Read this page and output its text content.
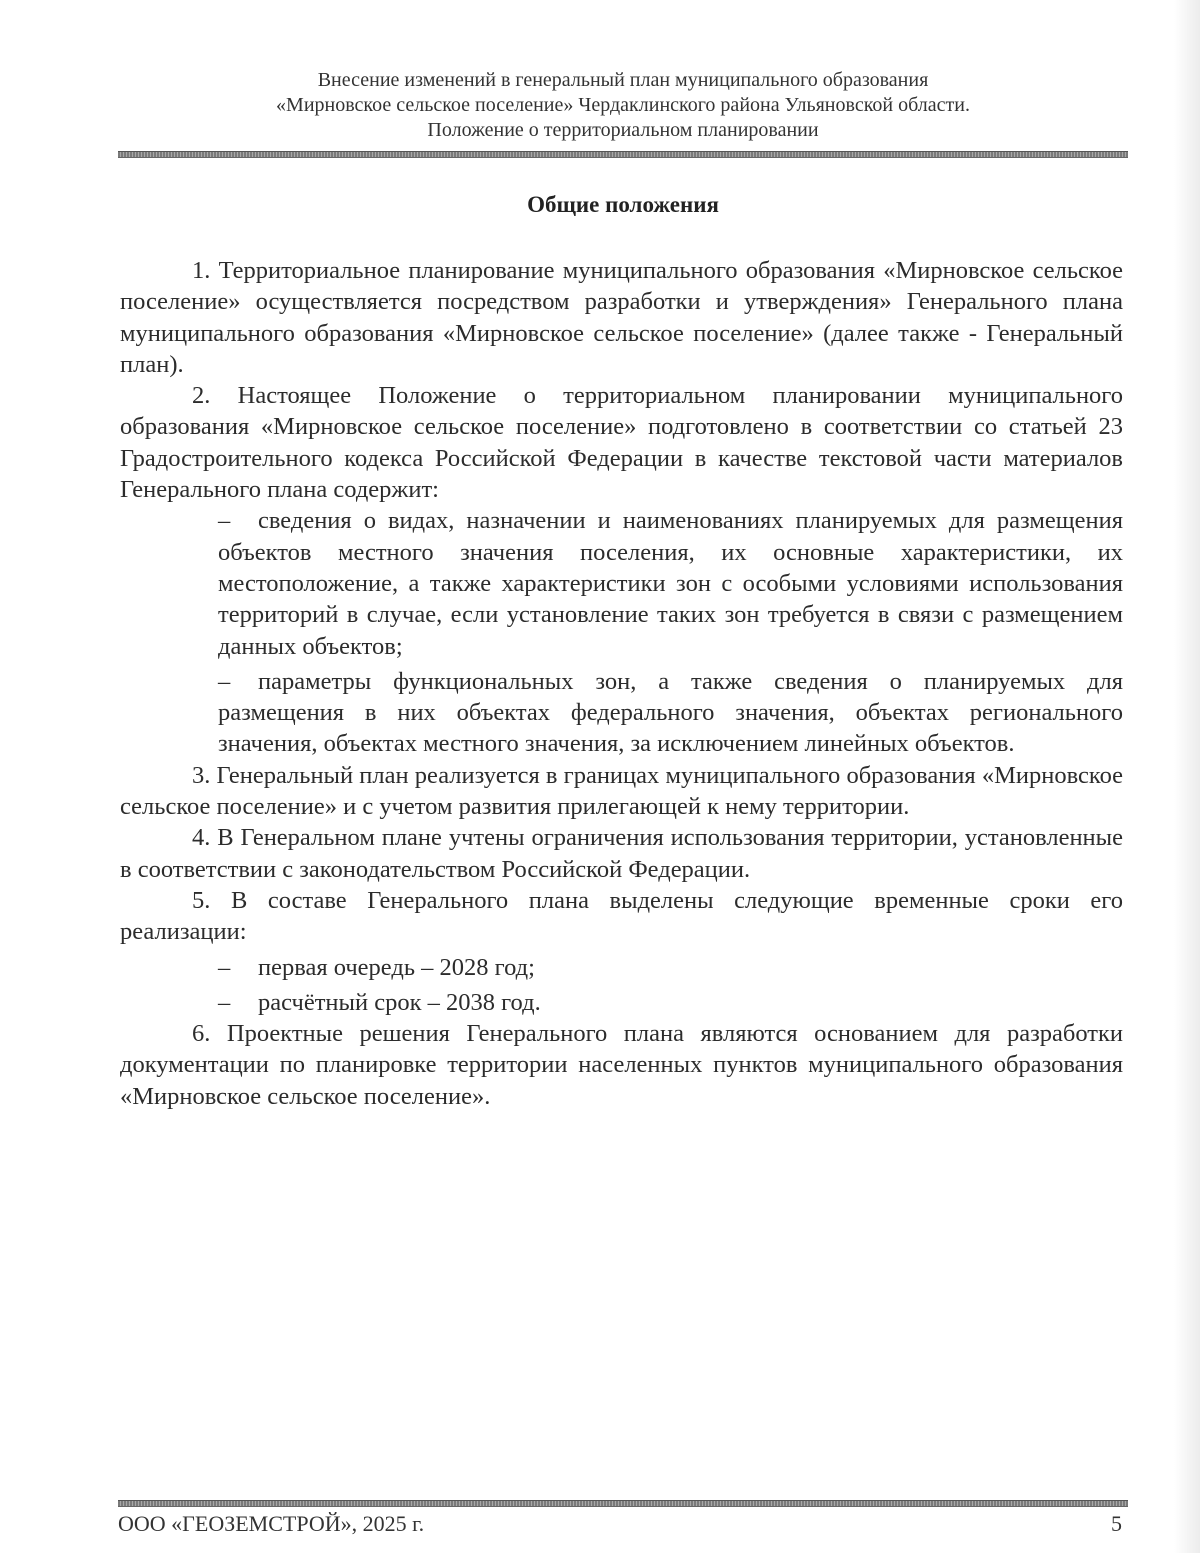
Внесение изменений в генеральный план муниципального образования
«Мирновское сельское поселение» Чердаклинского района Ульяновской области.
Положение о территориальном планировании
Общие положения

1. Территориальное планирование муниципального образования «Мирновское сельское поселение» осуществляется посредством разработки и утверждения» Генерального плана муниципального образования «Мирновское сельское поселение» (далее также - Генеральный план).

2. Настоящее Положение о территориальном планировании муниципального образования «Мирновское сельское поселение» подготовлено в соответствии со статьей 23 Градостроительного кодекса Российской Федерации в качестве текстовой части материалов Генерального плана содержит:

– сведения о видах, назначении и наименованиях планируемых для размещения объектов местного значения поселения, их основные характеристики, их местоположение, а также характеристики зон с особыми условиями использования территорий в случае, если установление таких зон требуется в связи с размещением данных объектов;

– параметры функциональных зон, а также сведения о планируемых для размещения в них объектах федерального значения, объектах регионального значения, объектах местного значения, за исключением линейных объектов.

3. Генеральный план реализуется в границах муниципального образования «Мирновское сельское поселение» и с учетом развития прилегающей к нему территории.

4. В Генеральном плане учтены ограничения использования территории, установленные в соответствии с законодательством Российской Федерации.

5. В составе Генерального плана выделены следующие временные сроки его реализации:

– первая очередь – 2028 год;

– расчётный срок – 2038 год.

6. Проектные решения Генерального плана являются основанием для разработки документации по планировке территории населенных пунктов муниципального образования «Мирновское сельское поселение».

ООО «ГЕОЗЕМСТРОЙ», 2025 г.	5
